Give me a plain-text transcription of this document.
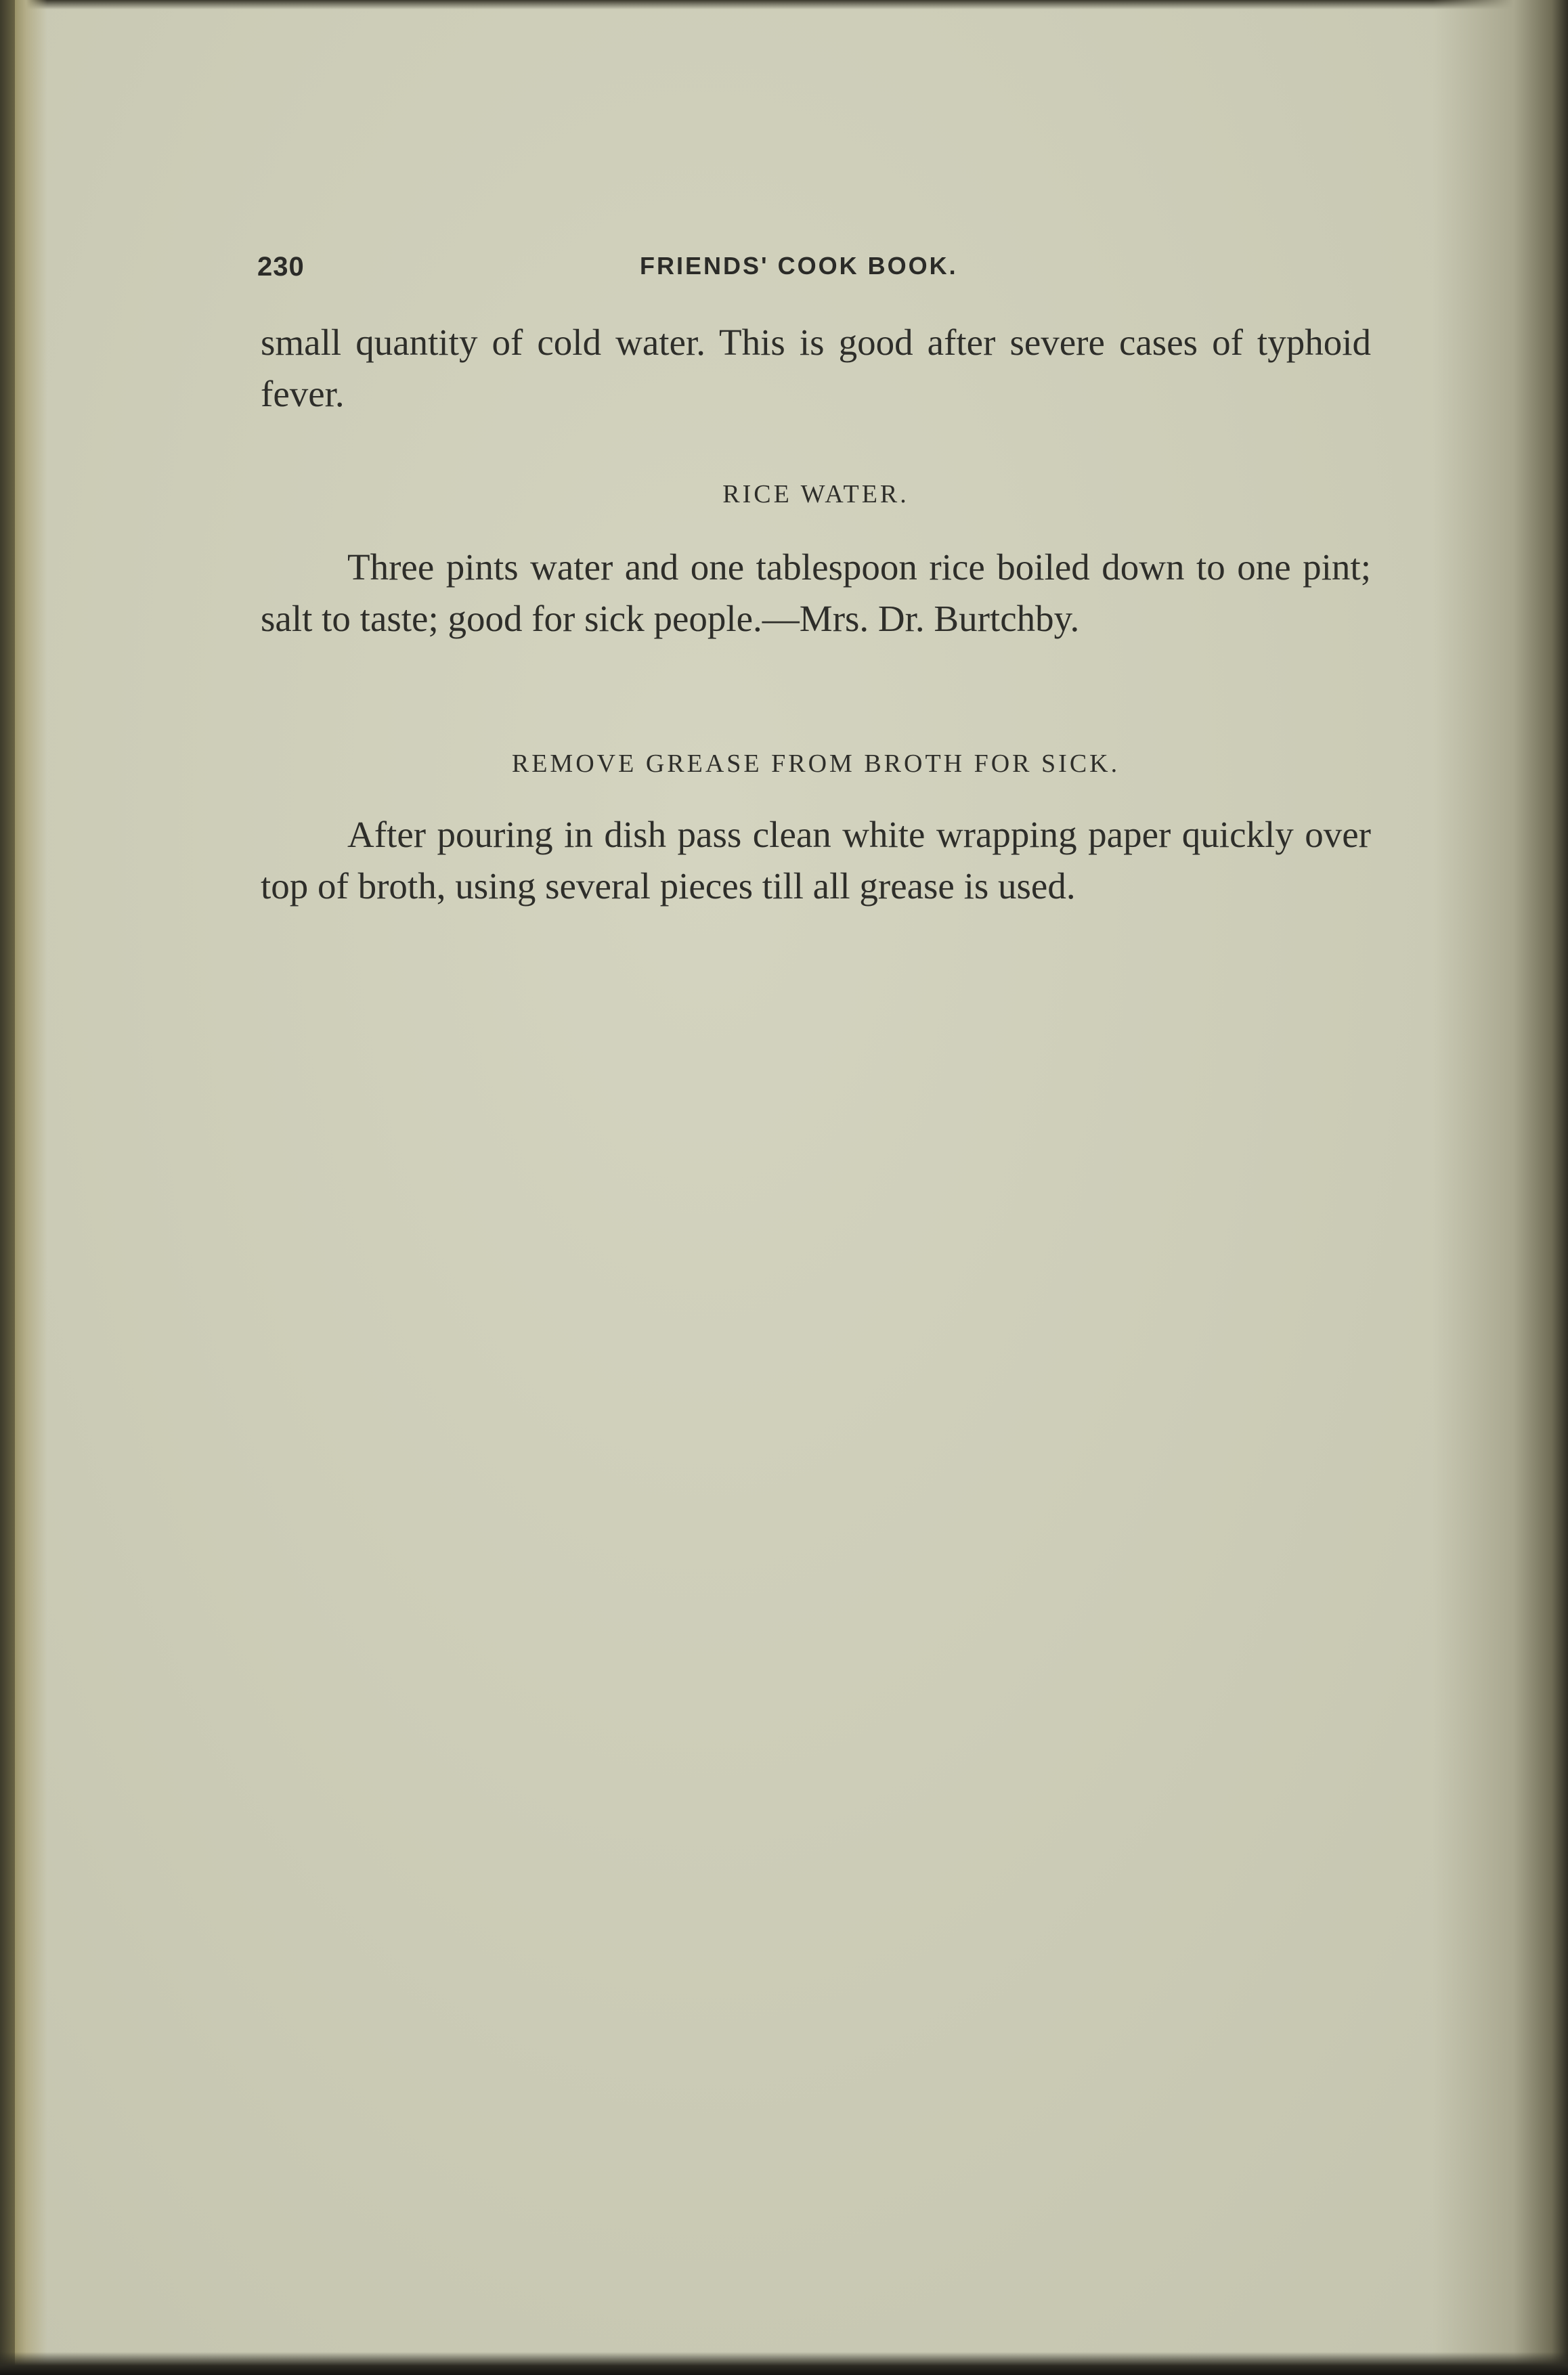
230	FRIENDS' COOK BOOK.

small quantity of cold water. This is good after severe cases of typhoid fever.

RICE WATER.

Three pints water and one tablespoon rice boiled down to one pint; salt to taste; good for sick people.—Mrs. Dr. Burtchby.

REMOVE GREASE FROM BROTH FOR SICK.

After pouring in dish pass clean white wrapping paper quickly over top of broth, using several pieces till all grease is used.
